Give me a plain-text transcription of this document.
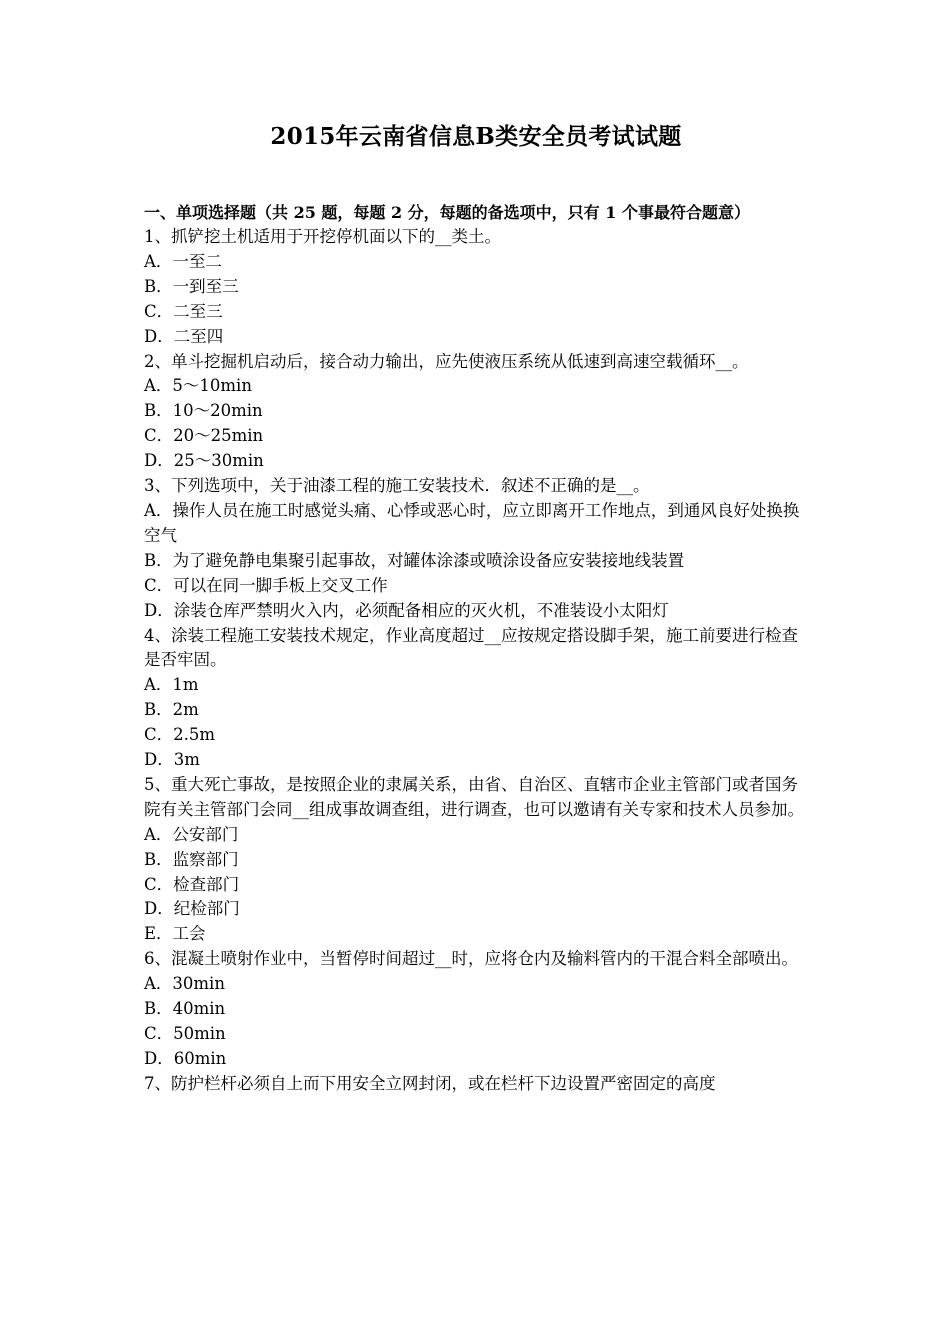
2015年云南省信息B类安全员考试试题

一、单项选择题（共 25 题，每题 2 分，每题的备选项中，只有 1 个事最符合题意）

1、抓铲挖土机适用于开挖停机面以下的__类土。

A．一至二

B．一到至三

C．二至三

D．二至四

2、单斗挖掘机启动后，接合动力输出，应先使液压系统从低速到高速空载循环__。

A．5～10min

B．10～20min

C．20～25min

D．25～30min

3、下列选项中，关于油漆工程的施工安装技术．叙述不正确的是__。

A．操作人员在施工时感觉头痛、心悸或恶心时，应立即离开工作地点，到通风良好处换换空气

B．为了避免静电集聚引起事故，对罐体涂漆或喷涂设备应安装接地线装置

C．可以在同一脚手板上交叉工作

D．涂装仓库严禁明火入内，必须配备相应的灭火机，不准装设小太阳灯

4、涂装工程施工安装技术规定，作业高度超过__应按规定搭设脚手架，施工前要进行检查是否牢固。

A．1m

B．2m

C．2.5m

D．3m

5、重大死亡事故，是按照企业的隶属关系，由省、自治区、直辖市企业主管部门或者国务院有关主管部门会同__组成事故调查组，进行调查，也可以邀请有关专家和技术人员参加。

A．公安部门

B．监察部门

C．检查部门

D．纪检部门

E．工会

6、混凝土喷射作业中，当暂停时间超过__时，应将仓内及输料管内的干混合料全部喷出。

A．30min

B．40min

C．50min

D．60min

7、防护栏杆必须自上而下用安全立网封闭，或在栏杆下边设置严密固定的高度
